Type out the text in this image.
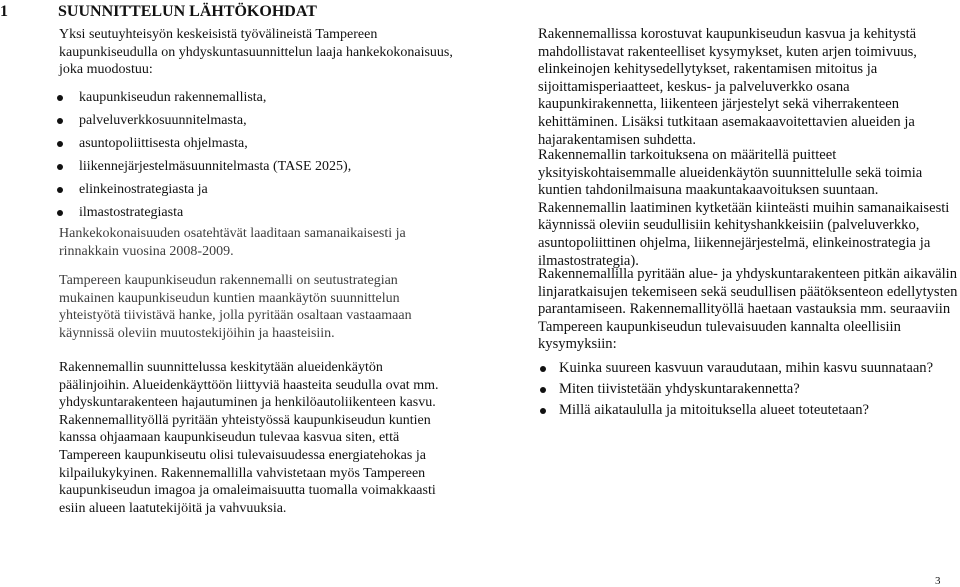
1	SUUNNITTELUN LÄHTÖKOHDAT

Yksi seutuyhteisyön keskeisistä työvälineistä Tampereen kaupunkiseudulla on yhdyskuntasuunnittelun laaja hankekokonaisuus, joka muodostuu:

kaupunkiseudun rakennemallista,
palveluverkkosuunnitelmasta,
asuntopoliittisesta ohjelmasta,
liikennejärjestelmäsuunnitelmasta (TASE 2025),
elinkeinostrategiasta ja
ilmastostrategiasta

Hankekokonaisuuden osatehtävät laaditaan samanaikaisesti ja rinnakkain vuosina 2008-2009.

Tampereen kaupunkiseudun rakennemalli on seutustrategian mukainen kaupunkiseudun kuntien maankäytön suunnittelun yhteistyötä tiivistävä hanke, jolla pyritään osaltaan vastaamaan käynnissä oleviin muutostekijöihin ja haasteisiin.

Rakennemallin suunnittelussa keskitytään alueidenkäytön päälinjoihin. Alueidenkäyttöön liittyviä haasteita seudulla ovat mm. yhdyskuntarakenteen hajautuminen ja henkilöautoliikenteen kasvu. Rakennemallityöllä pyritään yhteistyössä kaupunkiseudun kuntien kanssa ohjaamaan kaupunkiseudun tulevaa kasvua siten, että Tampereen kaupunkiseutu olisi tulevaisuudessa energiatehokas ja kilpailukykyinen. Rakennemallilla vahvistetaan myös Tampereen kaupunkiseudun imagoa ja omaleimaisuutta tuomalla voimakkaasti esiin alueen laatutekijöitä ja vahvuuksia.

Rakennemallissa korostuvat kaupunkiseudun kasvua ja kehitystä mahdollistavat rakenteelliset kysymykset, kuten arjen toimivuus, elinkeinojen kehitysedellytykset, rakentamisen mitoitus ja sijoittamisperiaatteet, keskus- ja palveluverkko osana kaupunkirakennetta, liikenteen järjestelyt sekä viherrakenteen kehittäminen. Lisäksi tutkitaan asemakaavoitettavien alueiden ja hajarakentamisen suhdetta.

Rakennemallin tarkoituksena on määritellä puitteet yksityiskohtaisemmalle alueidenkäytön suunnittelulle sekä toimia kuntien tahdonilmaisuna maakuntakaavoituksen suuntaan. Rakennemallin laatiminen kytketään kiinteästi muihin samanaikaisesti käynnissä oleviin seudullisiin kehityshankkeisiin (palveluverkko, asuntopoliittinen ohjelma, liikennejärjestelmä, elinkeinostrategia ja ilmastostrategia).

Rakennemallilla pyritään alue- ja yhdyskuntarakenteen pitkän aikavälin linjaratkaisujen tekemiseen sekä seudullisen päätöksenteon edellytysten parantamiseen. Rakennemallityöllä haetaan vastauksia mm. seuraaviin Tampereen kaupunkiseudun tulevaisuuden kannalta oleellisiin kysymyksiin:

Kuinka suureen kasvuun varaudutaan, mihin kasvu suunnataan?
Miten tiivistetään yhdyskuntarakennetta?
Millä aikataululla ja mitoituksella alueet toteutetaan?
3
